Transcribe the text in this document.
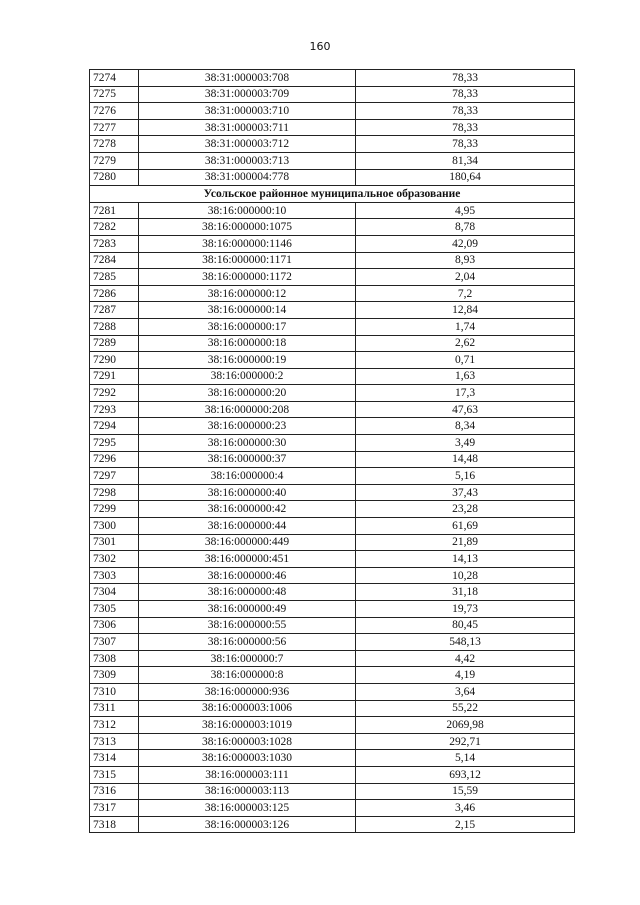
160
7274	38:31:000003:708	78,33
7275	38:31:000003:709	78,33
7276	38:31:000003:710	78,33
7277	38:31:000003:711	78,33
7278	38:31:000003:712	78,33
7279	38:31:000003:713	81,34
7280	38:31:000004:778	180,64
Усольское районное муниципальное образование		
7281	38:16:000000:10	4,95
7282	38:16:000000:1075	8,78
7283	38:16:000000:1146	42,09
7284	38:16:000000:1171	8,93
7285	38:16:000000:1172	2,04
7286	38:16:000000:12	7,2
7287	38:16:000000:14	12,84
7288	38:16:000000:17	1,74
7289	38:16:000000:18	2,62
7290	38:16:000000:19	0,71
7291	38:16:000000:2	1,63
7292	38:16:000000:20	17,3
7293	38:16:000000:208	47,63
7294	38:16:000000:23	8,34
7295	38:16:000000:30	3,49
7296	38:16:000000:37	14,48
7297	38:16:000000:4	5,16
7298	38:16:000000:40	37,43
7299	38:16:000000:42	23,28
7300	38:16:000000:44	61,69
7301	38:16:000000:449	21,89
7302	38:16:000000:451	14,13
7303	38:16:000000:46	10,28
7304	38:16:000000:48	31,18
7305	38:16:000000:49	19,73
7306	38:16:000000:55	80,45
7307	38:16:000000:56	548,13
7308	38:16:000000:7	4,42
7309	38:16:000000:8	4,19
7310	38:16:000000:936	3,64
7311	38:16:000003:1006	55,22
7312	38:16:000003:1019	2069,98
7313	38:16:000003:1028	292,71
7314	38:16:000003:1030	5,14
7315	38:16:000003:111	693,12
7316	38:16:000003:113	15,59
7317	38:16:000003:125	3,46
7318	38:16:000003:126	2,15
